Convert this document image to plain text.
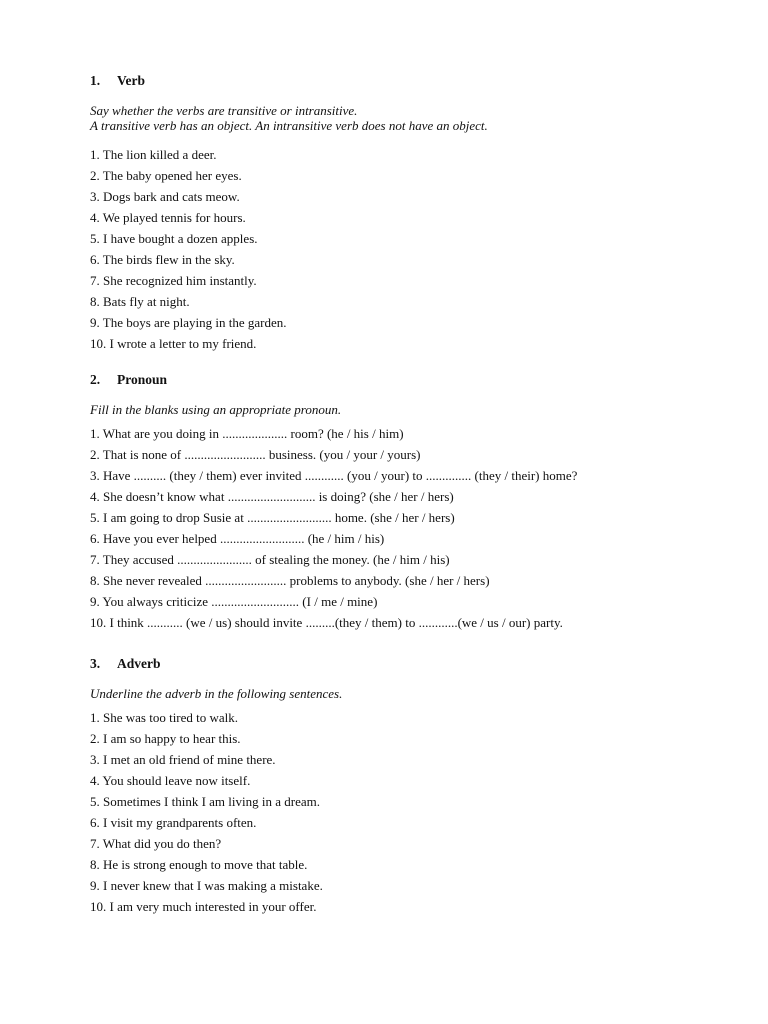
1.	Verb
Say whether the verbs are transitive or intransitive.
A transitive verb has an object. An intransitive verb does not have an object.
1. The lion killed a deer.
2. The baby opened her eyes.
3. Dogs bark and cats meow.
4. We played tennis for hours.
5. I have bought a dozen apples.
6. The birds flew in the sky.
7. She recognized him instantly.
8. Bats fly at night.
9. The boys are playing in the garden.
10. I wrote a letter to my friend.
2.	Pronoun
Fill in the blanks using an appropriate pronoun.
1. What are you doing in .................... room? (he / his / him)
2. That is none of ......................... business. (you / your / yours)
3. Have .......... (they / them) ever invited ............ (you / your) to .............. (they / their) home?
4. She doesn’t know what ........................... is doing? (she / her / hers)
5. I am going to drop Susie at .......................... home. (she / her / hers)
6. Have you ever helped .......................... (he / him / his)
7. They accused ....................... of stealing the money. (he / him / his)
8. She never revealed ......................... problems to anybody. (she / her / hers)
9. You always criticize ........................... (I / me / mine)
10. I think ........... (we / us) should invite .........(they / them) to ............(we / us / our) party.
3.	Adverb
Underline the adverb in the following sentences.
1. She was too tired to walk.
2. I am so happy to hear this.
3. I met an old friend of mine there.
4. You should leave now itself.
5. Sometimes I think I am living in a dream.
6. I visit my grandparents often.
7. What did you do then?
8. He is strong enough to move that table.
9. I never knew that I was making a mistake.
10. I am very much interested in your offer.
